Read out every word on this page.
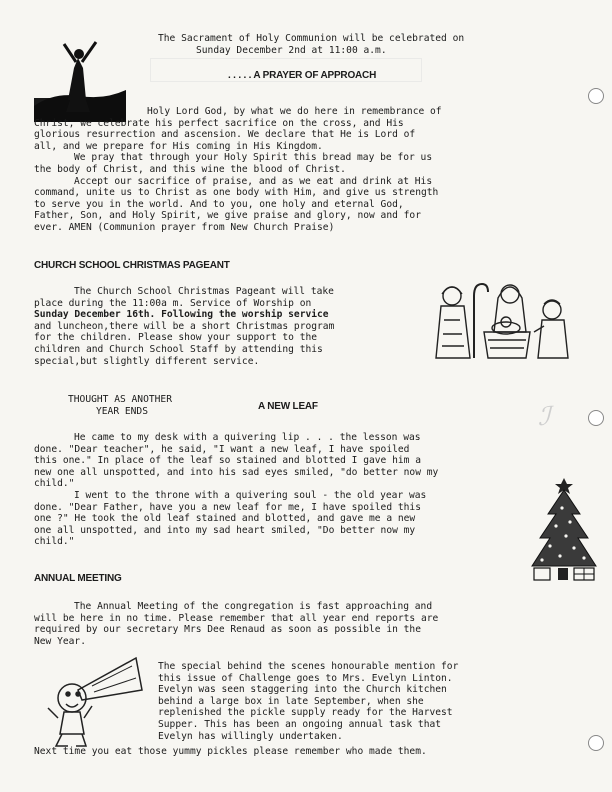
ℐ

The Sacrament of Holy Communion will be celebrated on

Sunday December 2nd at 11:00 a.m.

. . . . . A PRAYER OF APPROACH

Holy Lord God, by what we do here in remembrance of

Christ, we celebrate his perfect sacrifice on the cross, and His

glorious resurrection and ascension. We declare that He is Lord of

all, and we prepare for His coming in His Kingdom.

We pray that through your Holy Spirit this bread may be for us

the body of Christ, and this wine the blood of Christ.

Accept our sacrifice of praise, and as we eat and drink at His

command, unite us to Christ as one body with Him, and give us strength

to serve you in the world. And to you, one holy and eternal God,

Father, Son, and Holy Spirit, we give praise and glory, now and for

ever. AMEN (Communion prayer from New Church Praise)

CHURCH SCHOOL CHRISTMAS PAGEANT

The Church School Christmas Pageant will take

place during the 11:00a m. Service of Worship on

Sunday December 16th. Following the worship service

and luncheon,there will be a short Christmas program

for the children. Please show your support to the

children and Church School Staff by attending this

special,but slightly different service.

THOUGHT AS ANOTHER

YEAR ENDS	A NEW LEAF

He came to my desk with a quivering lip . . . the lesson was

done. "Dear teacher", he said, "I want a new leaf, I have spoiled

this one." In place of the leaf so stained and blotted I gave him a

new one all unspotted, and into his sad eyes smiled, "do better now my

child."

I went to the throne with a quivering soul - the old year was

done. "Dear Father, have you a new leaf for me, I have spoiled this

one ?" He took the old leaf stained and blotted, and gave me a new

one all unspotted, and into my sad heart smiled, "Do better now my

child."

ANNUAL MEETING

The Annual Meeting of the congregation is fast approaching and

will be here in no time. Please remember that all year end reports are

required by our secretary Mrs Dee Renaud as soon as possible in the

New Year.

The special behind the scenes honourable mention for

this issue of Challenge goes to Mrs. Evelyn Linton.

Evelyn was seen staggering into the Church kitchen

behind a large box in late September, when she

replenished the pickle supply ready for the Harvest

Supper. This has been an ongoing annual task that

Evelyn has willingly undertaken.

Next time you eat those yummy pickles please remember who made them.
